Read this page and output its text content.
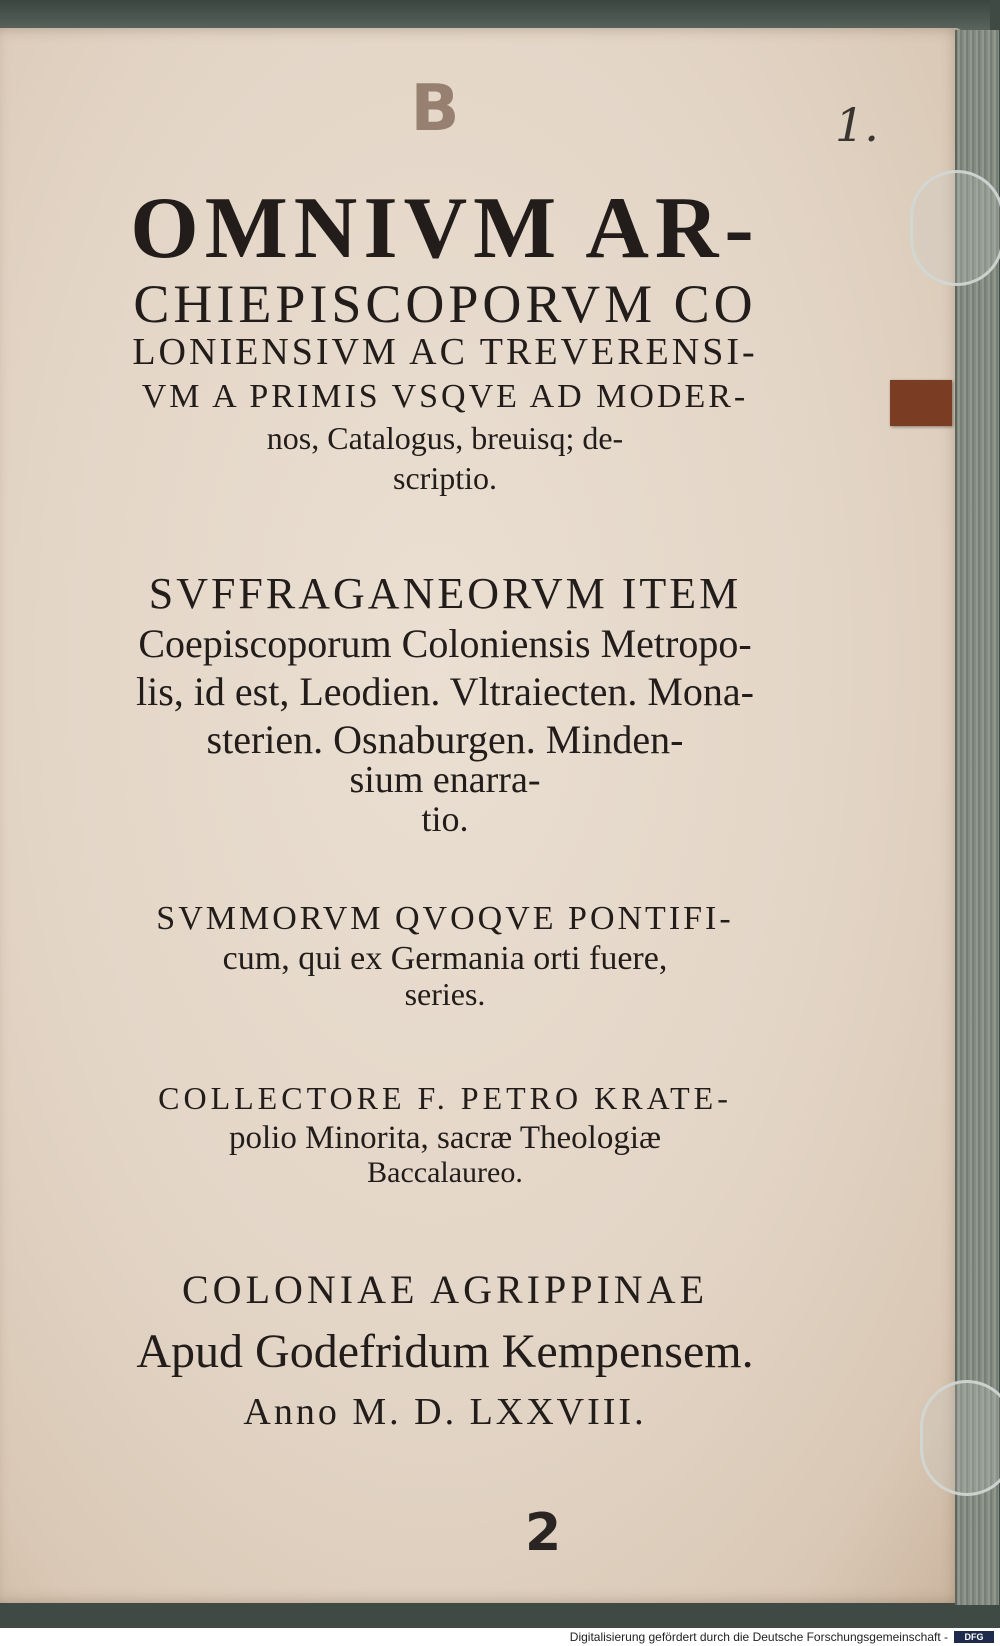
B	1.
OMNIVM AR-
CHIEPISCOPORVM CO
LONIENSIVM AC TREVERENSI-
VM A PRIMIS VSQVE AD MODER-
nos, Catalogus, breuisq; de-
scriptio.
SVFFRAGANEORVM ITEM
Coepiscoporum Coloniensis Metropo-
lis, id est, Leodien. Vltraiecten. Mona-
sterien. Osnaburgen. Minden-
sium enarra-
tio.
SVMMORVM QVOQVE PONTIFI-
cum, qui ex Germania orti fuere,
series.
COLLECTORE F. PETRO KRATE-
polio Minorita, sacræ Theologiæ
Baccalaureo.
COLONIAE AGRIPPINAE
Apud Godefridum Kempensem.
Anno M. D. LXXVIII.
2
Digitalisierung gefördert durch die Deutsche Forschungsgemeinschaft -	DFG
